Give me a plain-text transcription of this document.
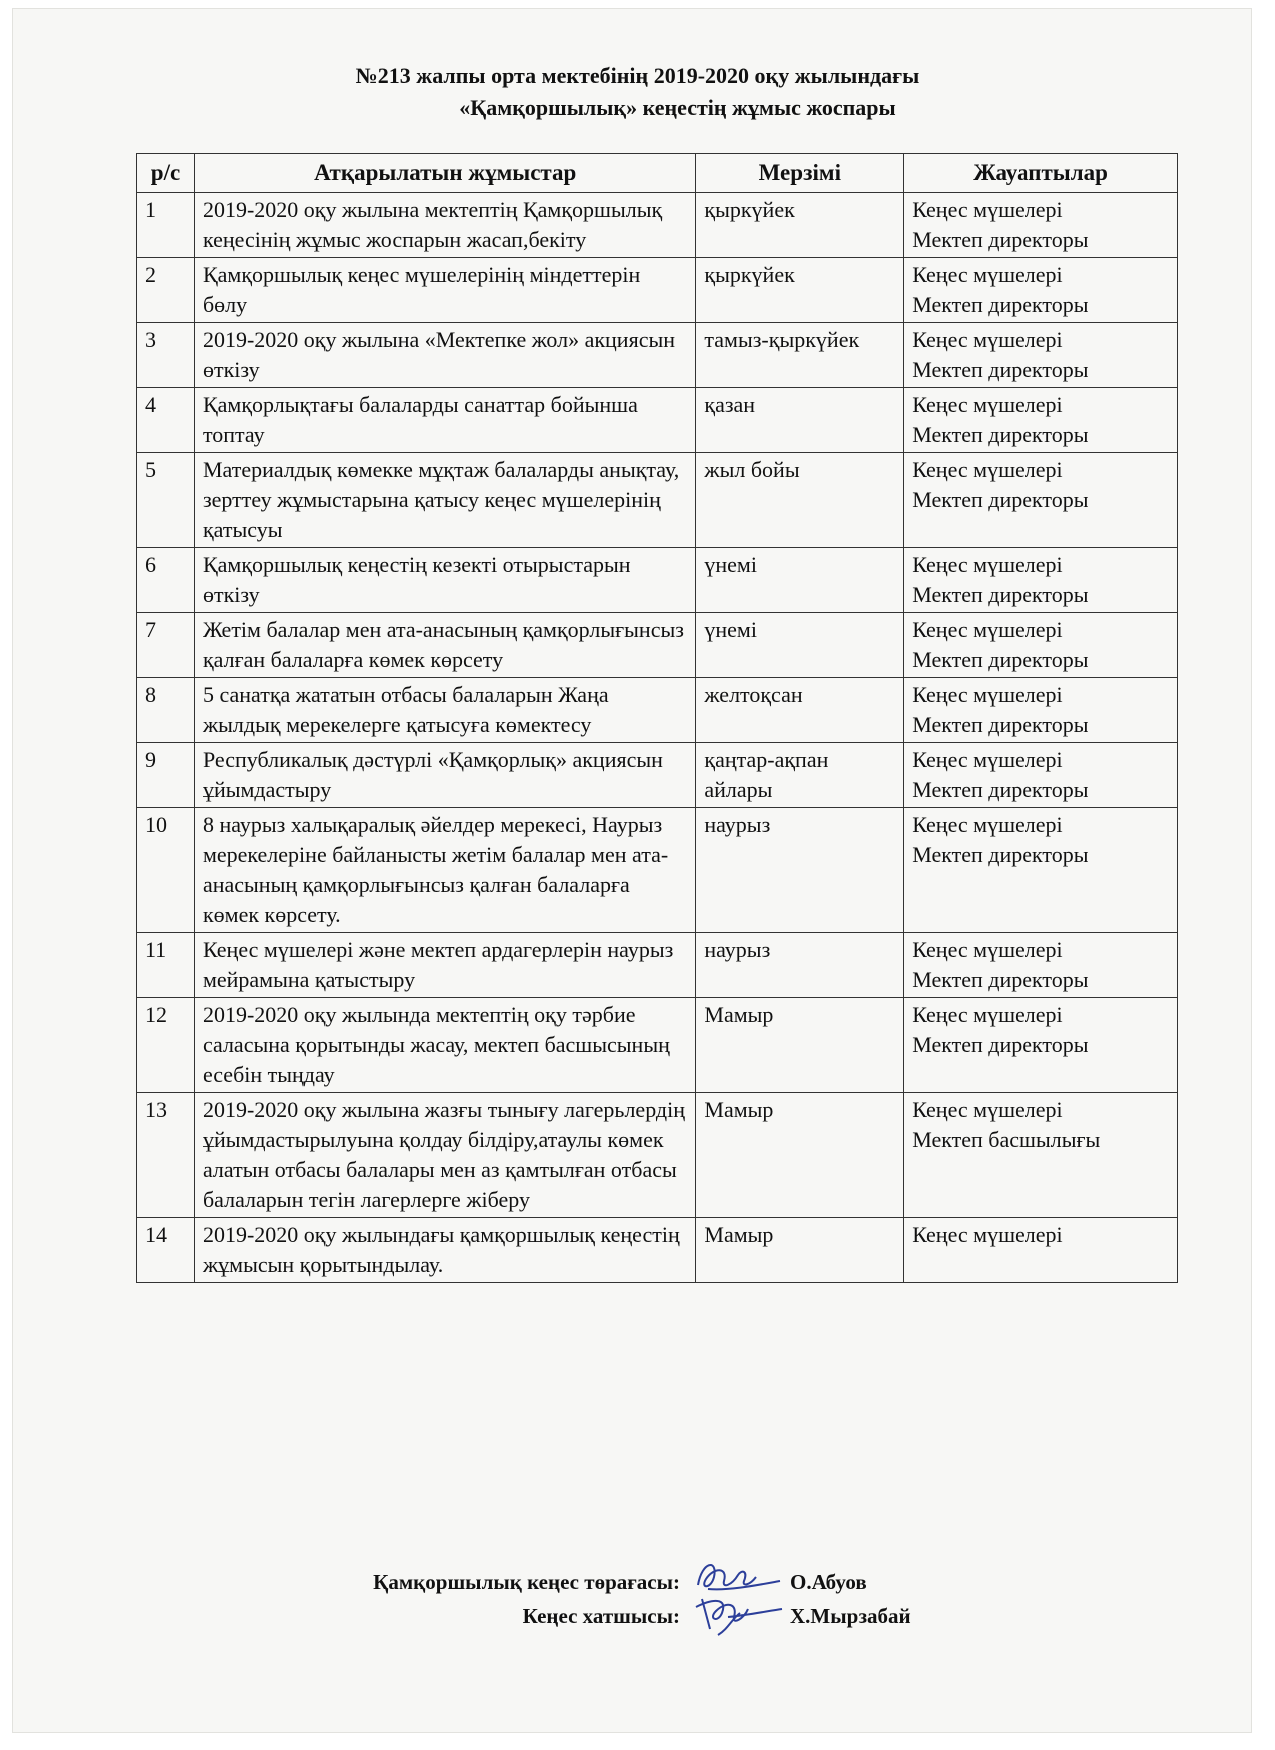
№213 жалпы орта мектебінің 2019-2020 оқу жылындағы
«Қамқоршылық» кеңестің жұмыс жоспары
р/с	Атқарылатын жұмыстар	Мерзімі	Жауаптылар
1	2019-2020 оқу жылына мектептің Қамқоршылық кеңесінің жұмыс жоспарын жасап,бекіту	қыркүйек	Кеңес мүшелері
Мектеп директоры

2	Қамқоршылық кеңес мүшелерінің міндеттерін бөлу	қыркүйек	Кеңес мүшелері
Мектеп директоры

3	2019-2020 оқу жылына «Мектепке жол» акциясын өткізу	тамыз-қыркүйек	Кеңес мүшелері
Мектеп директоры

4	Қамқорлықтағы балаларды санаттар бойынша топтау	қазан	Кеңес мүшелері
Мектеп директоры

5	Материалдық көмекке мұқтаж балаларды анықтау, зерттеу жұмыстарына қатысу кеңес мүшелерінің қатысуы	жыл бойы	Кеңес мүшелері
Мектеп директоры

6	Қамқоршылық кеңестің кезекті отырыстарын өткізу	үнемі	Кеңес мүшелері
Мектеп директоры

7	Жетім балалар мен ата-анасының қамқорлығынсыз қалған балаларға көмек көрсету	үнемі	Кеңес мүшелері
Мектеп директоры

8	5 санатқа жататын отбасы балаларын Жаңа жылдық мерекелерге қатысуға көмектесу	желтоқсан	Кеңес мүшелері
Мектеп директоры

9	Республикалық дәстүрлі «Қамқорлық» акциясын ұйымдастыру	қаңтар-ақпан айлары	Кеңес мүшелері
Мектеп директоры

10	8 наурыз халықаралық әйелдер мерекесі, Наурыз мерекелеріне байланысты жетім балалар мен ата-анасының қамқорлығынсыз қалған балаларға көмек көрсету.	наурыз	Кеңес мүшелері
Мектеп директоры

11	Кеңес мүшелері және мектеп ардагерлерін наурыз мейрамына қатыстыру	наурыз	Кеңес мүшелері
Мектеп директоры

12	2019-2020 оқу жылында мектептің оқу тәрбие саласына қорытынды жасау, мектеп басшысының есебін тыңдау	Мамыр	Кеңес мүшелері
Мектеп директоры

13	2019-2020 оқу жылына жазғы тынығу лагерьлердің ұйымдастырылуына қолдау білдіру,атаулы көмек алатын отбасы балалары мен аз қамтылған отбасы балаларын тегін лагерлерге жіберу	Мамыр	Кеңес мүшелері
Мектеп басшылығы

14	2019-2020 оқу жылындағы қамқоршылық кеңестің жұмысын қорытындылау.	Мамыр	Кеңес мүшелері
Қамқоршылық кеңес төрағасы:	О.Абуов
Кеңес хатшысы:	Х.Мырзабай
